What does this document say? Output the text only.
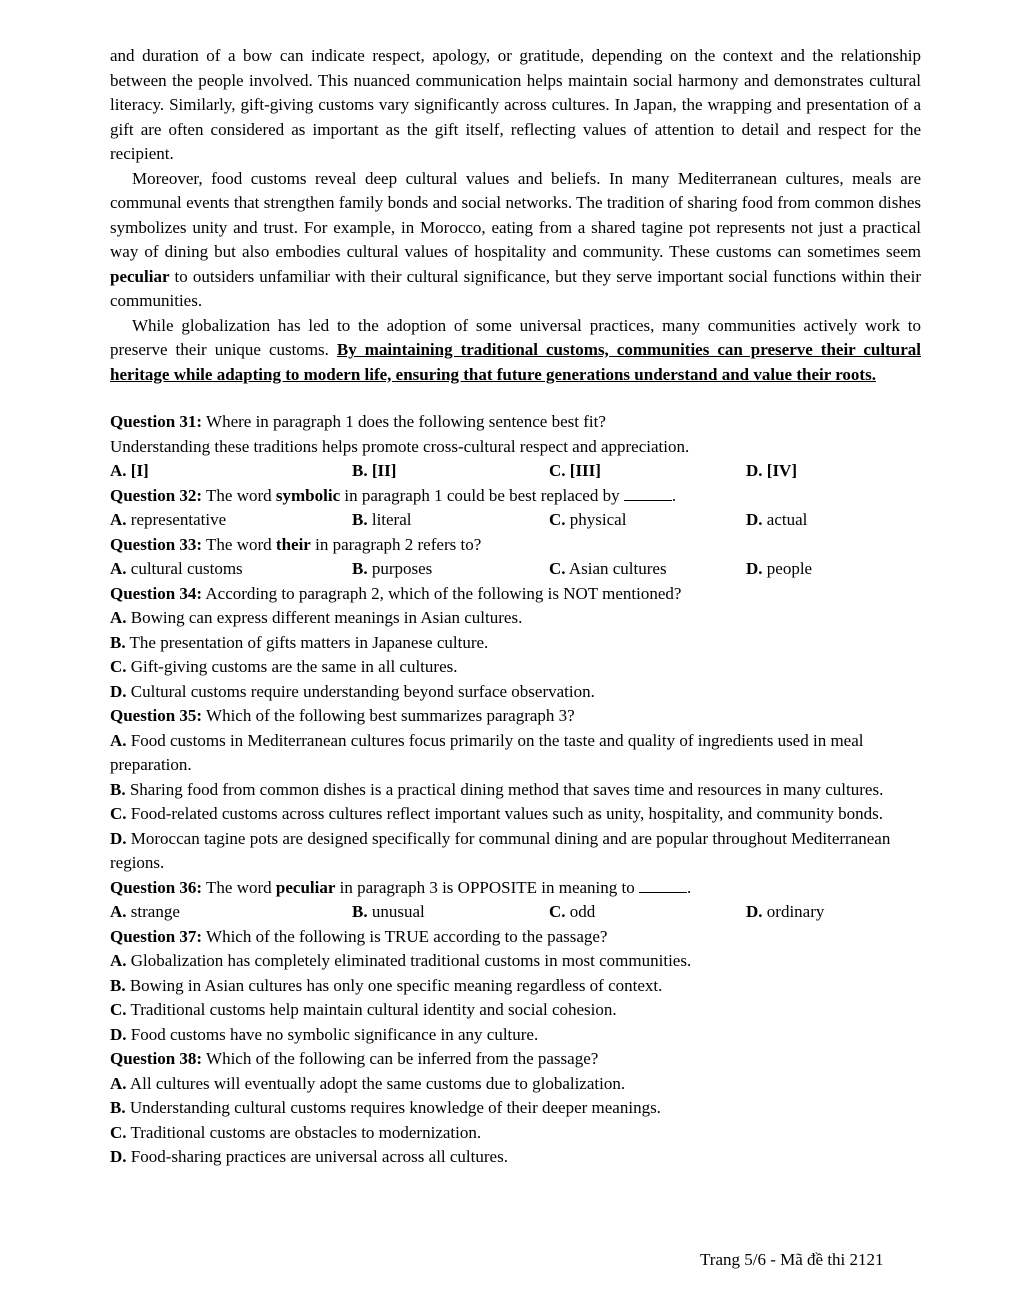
and duration of a bow can indicate respect, apology, or gratitude, depending on the context and the relationship between the people involved. This nuanced communication helps maintain social harmony and demonstrates cultural literacy. Similarly, gift-giving customs vary significantly across cultures. In Japan, the wrapping and presentation of a gift are often considered as important as the gift itself, reflecting values of attention to detail and respect for the recipient.

Moreover, food customs reveal deep cultural values and beliefs. In many Mediterranean cultures, meals are communal events that strengthen family bonds and social networks. The tradition of sharing food from common dishes symbolizes unity and trust. For example, in Morocco, eating from a shared tagine pot represents not just a practical way of dining but also embodies cultural values of hospitality and community. These customs can sometimes seem peculiar to outsiders unfamiliar with their cultural significance, but they serve important social functions within their communities.

While globalization has led to the adoption of some universal practices, many communities actively work to preserve their unique customs. By maintaining traditional customs, communities can preserve their cultural heritage while adapting to modern life, ensuring that future generations understand and value their roots.

Question 31: Where in paragraph 1 does the following sentence best fit?

Understanding these traditions helps promote cross-cultural respect and appreciation.

A. [I]	B. [II]	C. [III]	D. [IV]

Question 32: The word symbolic in paragraph 1 could be best replaced by	.

A. representative	B. literal	C. physical	D. actual

Question 33: The word their in paragraph 2 refers to?

A. cultural customs	B. purposes	C. Asian cultures	D. people

Question 34: According to paragraph 2, which of the following is NOT mentioned?

A. Bowing can express different meanings in Asian cultures.

B. The presentation of gifts matters in Japanese culture.

C. Gift-giving customs are the same in all cultures.

D. Cultural customs require understanding beyond surface observation.

Question 35: Which of the following best summarizes paragraph 3?

A. Food customs in Mediterranean cultures focus primarily on the taste and quality of ingredients used in meal preparation.

B. Sharing food from common dishes is a practical dining method that saves time and resources in many cultures.

C. Food-related customs across cultures reflect important values such as unity, hospitality, and community bonds.

D. Moroccan tagine pots are designed specifically for communal dining and are popular throughout Mediterranean regions.

Question 36: The word peculiar in paragraph 3 is OPPOSITE in meaning to	.

A. strange	B. unusual	C. odd	D. ordinary

Question 37: Which of the following is TRUE according to the passage?

A. Globalization has completely eliminated traditional customs in most communities.

B. Bowing in Asian cultures has only one specific meaning regardless of context.

C. Traditional customs help maintain cultural identity and social cohesion.

D. Food customs have no symbolic significance in any culture.

Question 38: Which of the following can be inferred from the passage?

A. All cultures will eventually adopt the same customs due to globalization.

B. Understanding cultural customs requires knowledge of their deeper meanings.

C. Traditional customs are obstacles to modernization.

D. Food-sharing practices are universal across all cultures.

Trang 5/6 - Mã đề thi 2121
